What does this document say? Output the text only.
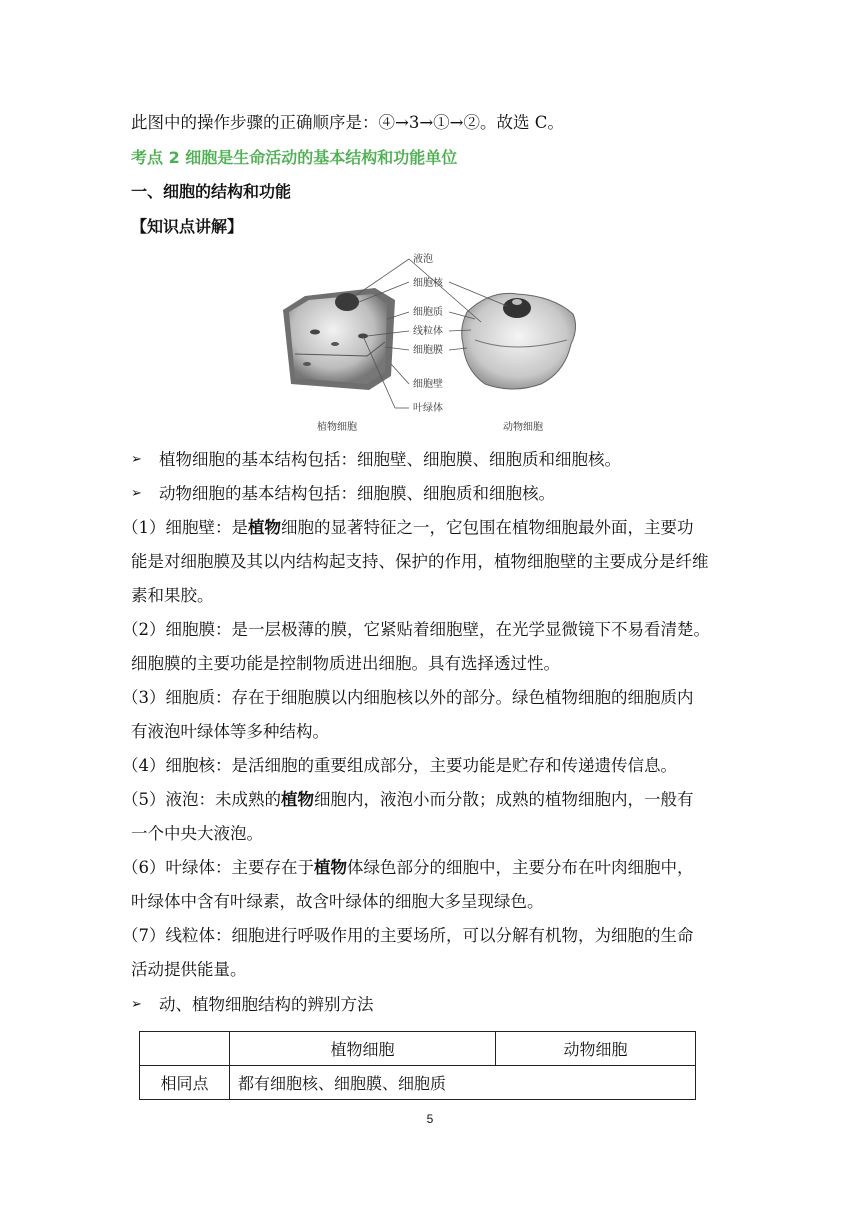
此图中的操作步骤的正确顺序是：④→3→①→②。故选 C。
考点 2 细胞是生命活动的基本结构和功能单位
一、细胞的结构和功能
【知识点讲解】
液泡
细胞核
细胞质
线粒体
细胞膜
细胞壁
叶绿体
植物细胞	动物细胞
➢ 植物细胞的基本结构包括：细胞壁、细胞膜、细胞质和细胞核。
➢ 动物细胞的基本结构包括：细胞膜、细胞质和细胞核。
（1）细胞壁：是植物细胞的显著特征之一，它包围在植物细胞最外面，主要功
能是对细胞膜及其以内结构起支持、保护的作用，植物细胞壁的主要成分是纤维
素和果胶。
（2）细胞膜：是一层极薄的膜，它紧贴着细胞壁，在光学显微镜下不易看清楚。
细胞膜的主要功能是控制物质进出细胞。具有选择透过性。
（3）细胞质：存在于细胞膜以内细胞核以外的部分。绿色植物细胞的细胞质内
有液泡叶绿体等多种结构。
（4）细胞核：是活细胞的重要组成部分，主要功能是贮存和传递遗传信息。
（5）液泡：未成熟的植物细胞内，液泡小而分散；成熟的植物细胞内，一般有
一个中央大液泡。
（6）叶绿体：主要存在于植物体绿色部分的细胞中，主要分布在叶肉细胞中，
叶绿体中含有叶绿素，故含叶绿体的细胞大多呈现绿色。
（7）线粒体：细胞进行呼吸作用的主要场所，可以分解有机物，为细胞的生命
活动提供能量。
➢ 动、植物细胞结构的辨别方法
	植物细胞	动物细胞
相同点	都有细胞核、细胞膜、细胞质	
5
